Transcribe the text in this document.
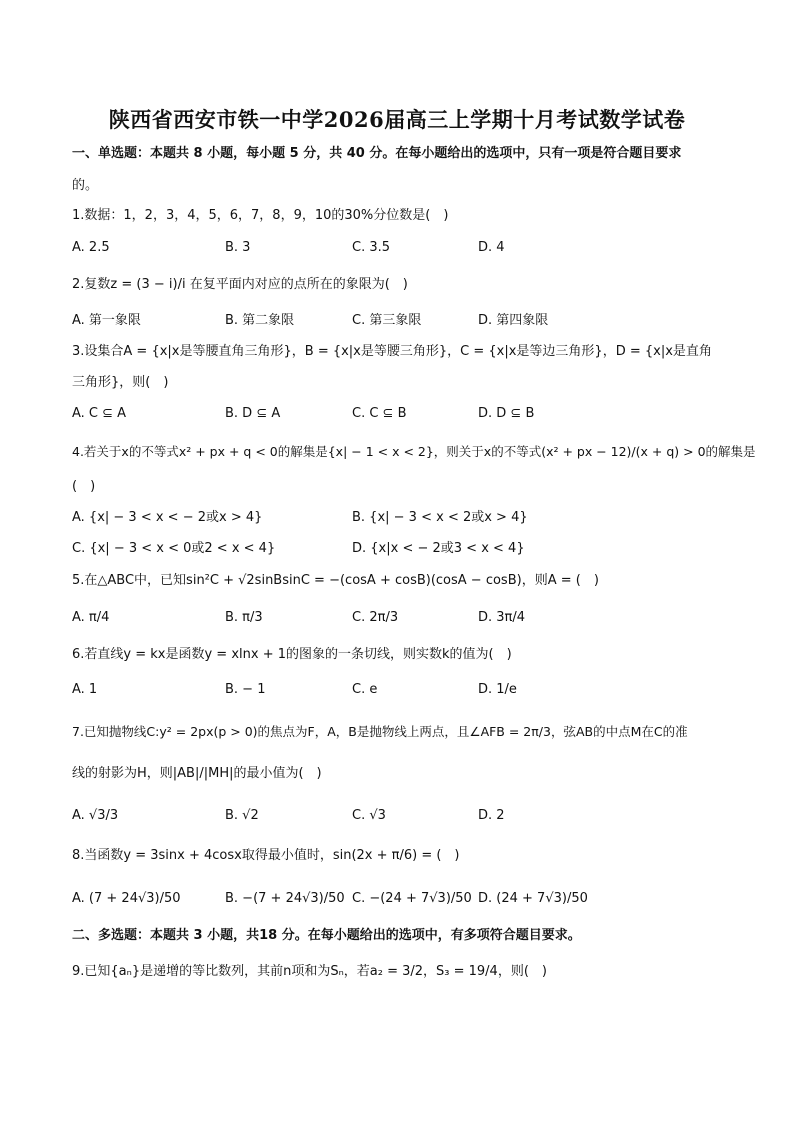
陕西省西安市铁一中学2026届高三上学期十月考试数学试卷
一、单选题：本题共 8 小题，每小题 5 分，共 40 分。在每小题给出的选项中，只有一项是符合题目要求
的。
1.数据：1，2，3，4，5，6，7，8，9，10的30%分位数是(　)
A. 2.5	B. 3	C. 3.5	D. 4
2.复数z = (3 − i)/i 在复平面内对应的点所在的象限为(　)
A. 第一象限	B. 第二象限	C. 第三象限	D. 第四象限
3.设集合A = {x|x是等腰直角三角形}，B = {x|x是等腰三角形}，C = {x|x是等边三角形}，D = {x|x是直角
三角形}，则(　)
A. C ⊆ A	B. D ⊆ A	C. C ⊆ B	D. D ⊆ B
4.若关于x的不等式x² + px + q < 0的解集是{x| − 1 < x < 2}，则关于x的不等式(x² + px − 12)/(x + q) > 0的解集是
(　)
A. {x| − 3 < x < − 2或x > 4}	B. {x| − 3 < x < 2或x > 4}
C. {x| − 3 < x < 0或2 < x < 4}	D. {x|x < − 2或3 < x < 4}
5.在△ABC中，已知sin²C + √2sinBsinC = −(cosA + cosB)(cosA − cosB)，则A = (　)
A. π/4	B. π/3	C. 2π/3	D. 3π/4
6.若直线y = kx是函数y = xlnx + 1的图象的一条切线，则实数k的值为(　)
A. 1	B. − 1	C. e	D. 1/e
7.已知抛物线C:y² = 2px(p > 0)的焦点为F，A，B是抛物线上两点，且∠AFB = 2π/3，弦AB的中点M在C的准
线的射影为H，则|AB|/|MH|的最小值为(　)
A. √3/3	B. √2	C. √3	D. 2
8.当函数y = 3sinx + 4cosx取得最小值时，sin(2x + π/6) = (　)
A. (7 + 24√3)/50	B. −(7 + 24√3)/50 C. −(24 + 7√3)/50 D. (24 + 7√3)/50
二、多选题：本题共 3 小题，共18 分。在每小题给出的选项中，有多项符合题目要求。
9.已知{aₙ}是递增的等比数列，其前n项和为Sₙ，若a₂ = 3/2，S₃ = 19/4，则(　)
